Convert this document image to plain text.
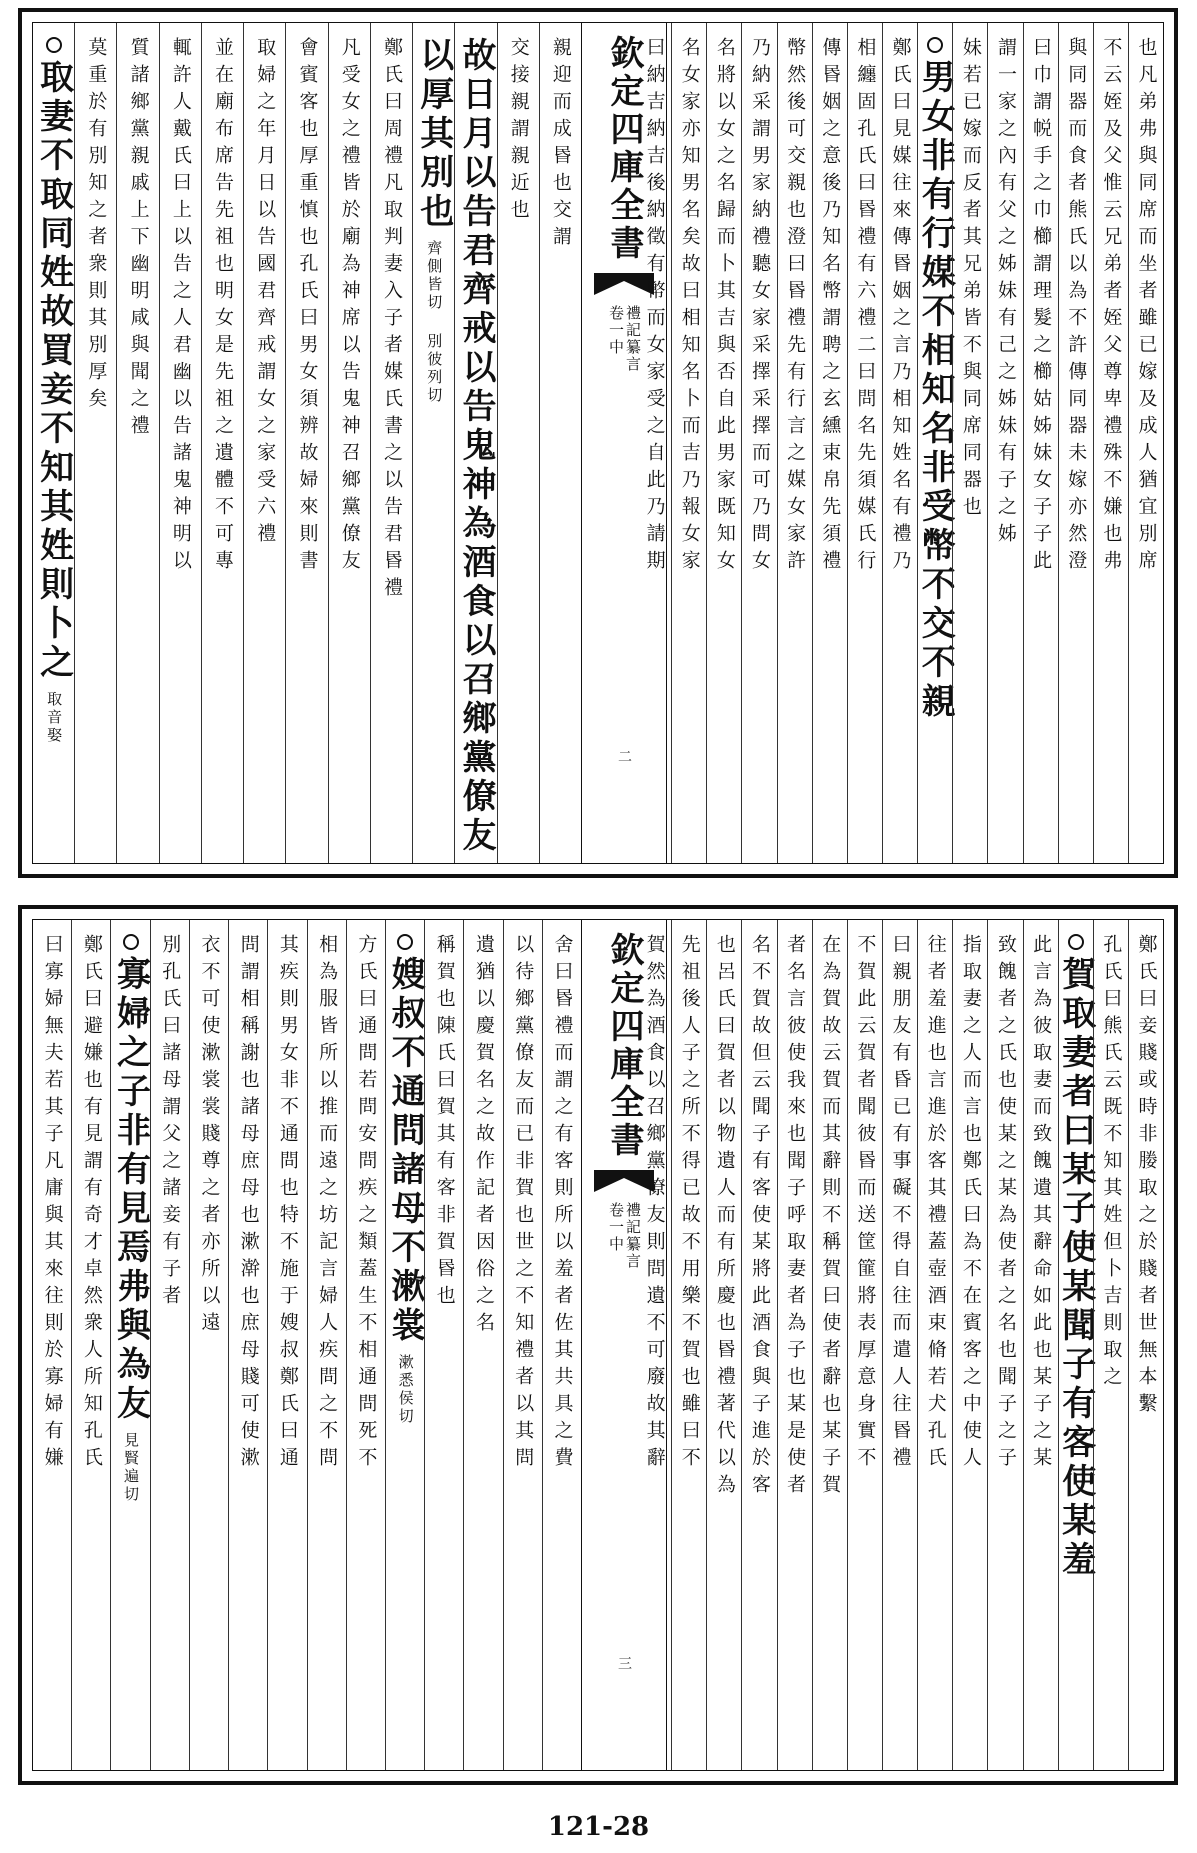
取妻不取同姓故買妾不知其姓則卜之
取音娶
莫重於有別知之者衆則其別厚矣 質諸鄉黨親戚上下幽明咸與聞之禮 輒許人戴氏曰上以告之人君幽以告諸鬼神明以 並在廟布席告先祖也明女是先祖之遺體不可專 取婦之年月日以告國君齊戒謂女之家受六禮 會賓客也厚重慎也孔氏曰男女須辨故婦來則書 凡受女之禮皆於廟為神席以告鬼神召鄉黨僚友 鄭氏曰周禮凡取判妻入子者媒氏書之以告君昬禮 以厚其別也
齊側皆切 別彼列切 故日月以告君齊戒以告鬼神為酒食以召鄉黨僚友 交接親謂親近也 親迎而成昬也交謂 欽定四庫全書
禮記纂言
卷一中
二
曰納吉納吉後納徵有幣而女家受之自此乃請期 名女家亦知男名矣故曰相知名卜而吉乃報女家 名將以女之名歸而卜其吉與否自此男家既知女 乃納采謂男家納禮聽女家采擇采擇而可乃問女 幣然後可交親也澄曰昬禮先有行言之媒女家許 傳昬姻之意後乃知名幣謂聘之玄纁束帛先須禮 相纏固孔氏曰昬禮有六禮二曰問名先須媒氏行 鄭氏曰見媒往來傳昬姻之言乃相知姓名有禮乃 男女非有行媒不相知名非受幣不交不親 妹若已嫁而反者其兄弟皆不與同席同器也 謂一家之內有父之姊妹有己之姊妹有子之姊 曰巾謂帨手之巾櫛謂理髮之櫛姑姊妹女子子此 與同器而食者熊氏以為不許傳同器未嫁亦然澄 不云姪及父惟云兄弟者姪父尊卑禮殊不嫌也弗 也凡弟弗與同席而坐者雖已嫁及成人猶宜別席
曰寡婦無夫若其子凡庸與其來往則於寡婦有嫌 鄭氏曰避嫌也有見謂有奇才卓然衆人所知孔氏 寡婦之子非有見焉弗與為友
見賢遍切
別孔氏曰諸母謂父之諸妾有子者 衣不可使漱裳裳賤尊之者亦所以遠 問謂相稱謝也諸母庶母也漱澣也庶母賤可使漱 其疾則男女非不通問也特不施于嫂叔鄭氏曰通 相為服皆所以推而遠之坊記言婦人疾問之不問 方氏曰通問若問安問疾之類蓋生不相通問死不 嫂叔不通問諸母不漱裳
漱悉侯切
稱賀也陳氏曰賀其有客非賀昬也 遺猶以慶賀名之故作記者因俗之名 以待鄉黨僚友而已非賀也世之不知禮者以其問 舍曰昬禮而謂之有客則所以羞者佐其共具之費 欽定四庫全書
禮記纂言
卷一中
三
賀然為酒食以召鄉黨僚友則問遺不可廢故其辭 先祖後人子之所不得已故不用樂不賀也雖曰不 也呂氏曰賀者以物遺人而有所慶也昬禮著代以為 名不賀故但云聞子有客使某將此酒食與子進於客 者名言彼使我來也聞子呼取妻者為子也某是使者 在為賀故云賀而其辭則不稱賀曰使者辭也某子賀 不賀此云賀者聞彼昬而送筐篚將表厚意身實不 曰親朋友有昏已有事礙不得自往而遣人往昬禮 往者羞進也言進於客其禮蓋壺酒束脩若犬孔氏 指取妻之人而言也鄭氏曰為不在賓客之中使人 致餽者之氏也使某之某為使者之名也聞子之子 此言為彼取妻而致餽遺其辭命如此也某子之某 賀取妻者曰某子使某聞子有客使某羞 孔氏曰熊氏云既不知其姓但卜吉則取之 鄭氏曰妾賤或時非媵取之於賤者世無本繫
121-28
